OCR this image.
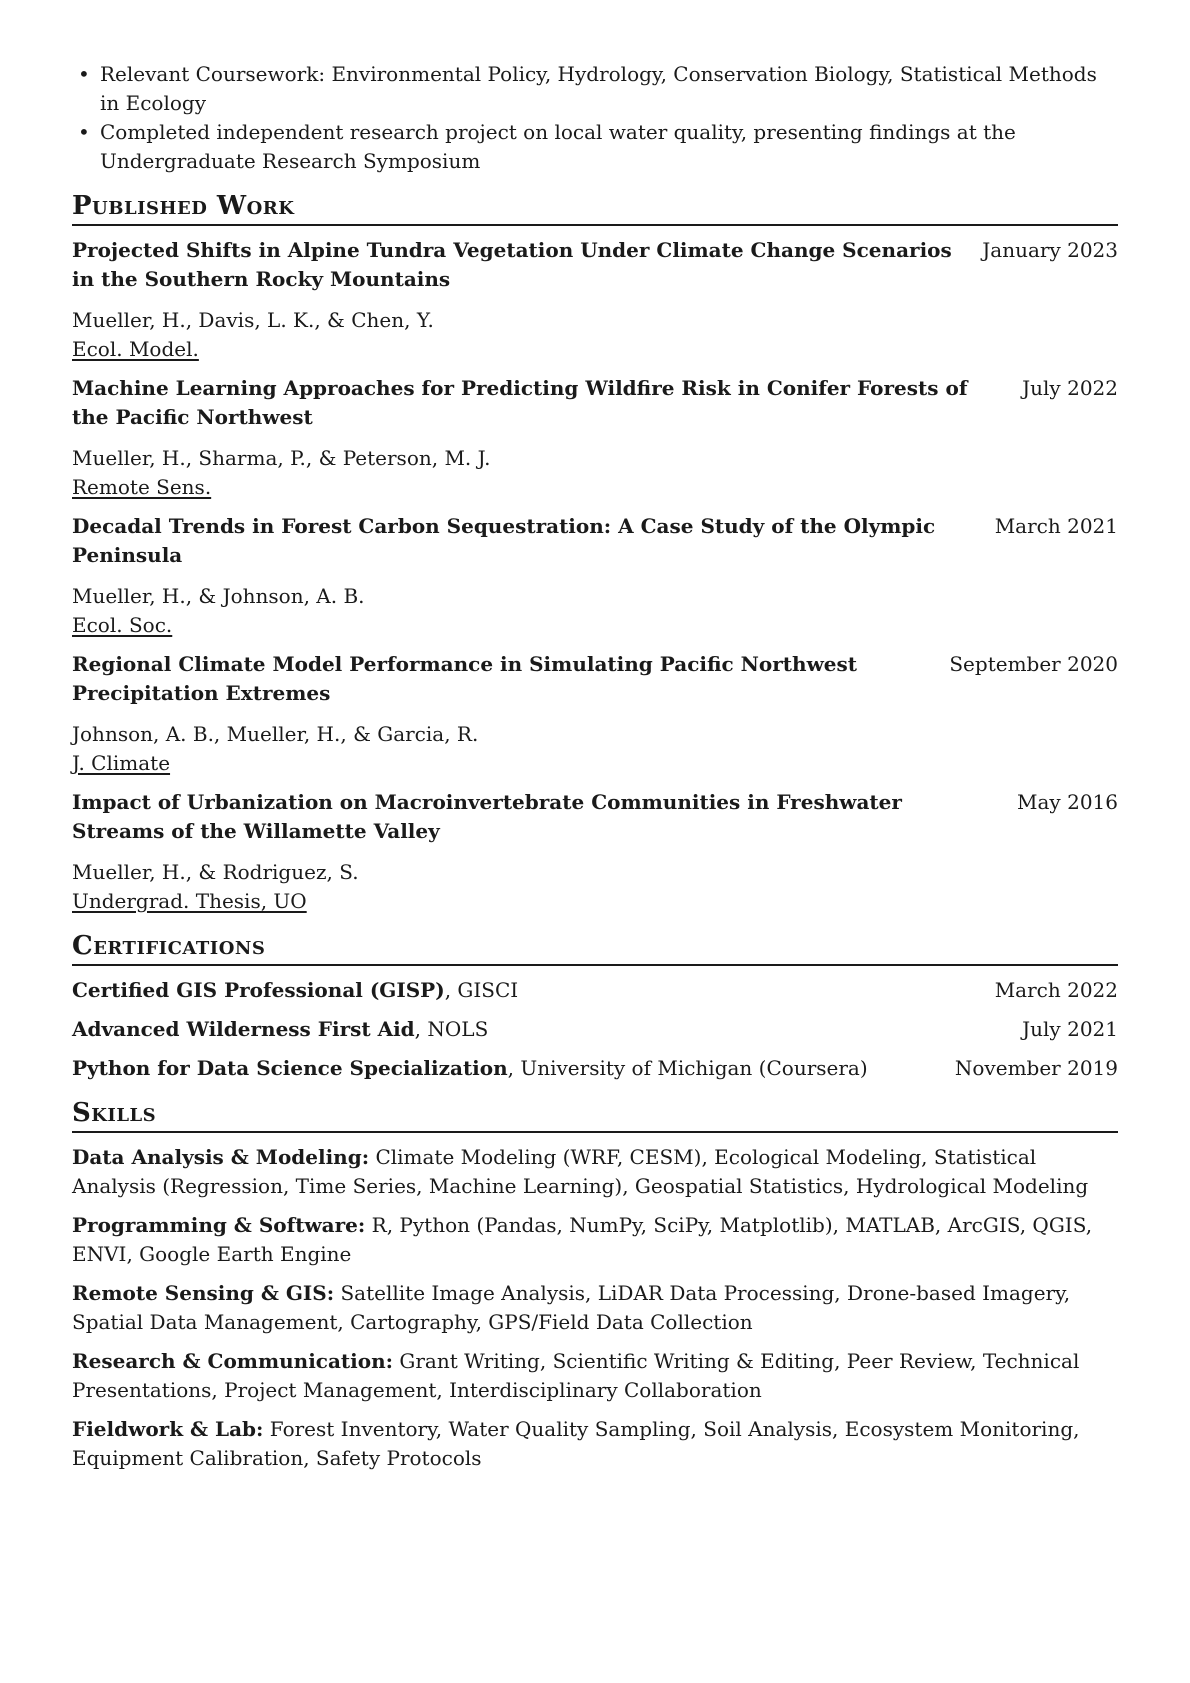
• Relevant Coursework: Environmental Policy, Hydrology, Conservation Biology, Statistical Methods in Ecology
• Completed independent research project on local water quality, presenting findings at the Undergraduate Research Symposium
Published Work
Projected Shifts in Alpine Tundra Vegetation Under Climate Change Scenarios in the Southern Rocky Mountains
January 2023
Mueller, H., Davis, L. K., & Chen, Y.
Ecol. Model.
Machine Learning Approaches for Predicting Wildfire Risk in Conifer Forests of the Pacific Northwest
July 2022
Mueller, H., Sharma, P., & Peterson, M. J.
Remote Sens.
Decadal Trends in Forest Carbon Sequestration: A Case Study of the Olympic Peninsula
March 2021
Mueller, H., & Johnson, A. B.
Ecol. Soc.
Regional Climate Model Performance in Simulating Pacific Northwest Precipitation Extremes
September 2020
Johnson, A. B., Mueller, H., & Garcia, R.
J. Climate
Impact of Urbanization on Macroinvertebrate Communities in Freshwater Streams of the Willamette Valley
May 2016
Mueller, H., & Rodriguez, S.
Undergrad. Thesis, UO
Certifications
Certified GIS Professional (GISP), GISCI	March 2022
Advanced Wilderness First Aid, NOLS	July 2021
Python for Data Science Specialization, University of Michigan (Coursera)	November 2019
Skills
Data Analysis & Modeling: Climate Modeling (WRF, CESM), Ecological Modeling, Statistical Analysis (Regression, Time Series, Machine Learning), Geospatial Statistics, Hydrological Modeling
Programming & Software: R, Python (Pandas, NumPy, SciPy, Matplotlib), MATLAB, ArcGIS, QGIS, ENVI, Google Earth Engine
Remote Sensing & GIS: Satellite Image Analysis, LiDAR Data Processing, Drone-based Imagery, Spatial Data Management, Cartography, GPS/Field Data Collection
Research & Communication: Grant Writing, Scientific Writing & Editing, Peer Review, Technical Presentations, Project Management, Interdisciplinary Collaboration
Fieldwork & Lab: Forest Inventory, Water Quality Sampling, Soil Analysis, Ecosystem Monitoring, Equipment Calibration, Safety Protocols
